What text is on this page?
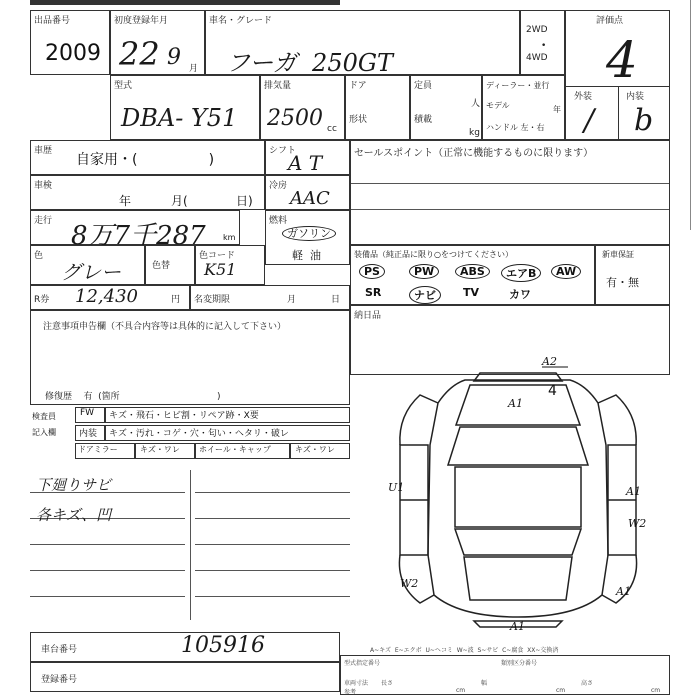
出品番号
2009
初度登録年月
22 9 月
車名・グレード
フーガ  250GT
2WD
•
4WD
評価点
4
外装	内装
/ b
型式
DBA- Y51
排気量
2500 cc
ドア
形状
定員
人
積載
kg
ディーラー・並行
モデル	年
ハンドル 左・右
車歴
自家用・(                )
シフト
A T	セールスポイント（正常に機能するものに限ります）
車検
年	月(	日)
冷房
AAC
走行 8万7千287 km
燃料
ガソリン
軽  油	装備品（純正品に限り○をつけてください）
PS	PW	ABS	エアB	AW
SR	ナビ	TV	カワ
新車保証
有・無
色
グレー	色替
色コード
K51
R券 12,430	円 名変期限	月	日
納日品
注意事項申告欄（不具合内容等は具体的に記入して下さい）
修復歴    有  (箇所                                  )
検査員
記入欄
FW	キズ・飛石・ヒビ割・リペア跡・X要
内装	キズ・汚れ・コゲ・穴・匂い・ヘタリ・破レ
ドアミラー	キズ・ワレ	ホイール・キャップ	キズ・ワレ
下廻りサビ
各キズ、凹
A2
A1
U1	A1
W2
W2
A1
A1
4
A~キズ  E~エクボ  U~ヘコミ  W~波  S~サビ  C~腐食  XX~交換済
車台番号	105916
登録番号
型式指定番号	類別区分番号
車両寸法
参考
長さ
cm
幅
cm
高さ
cm
